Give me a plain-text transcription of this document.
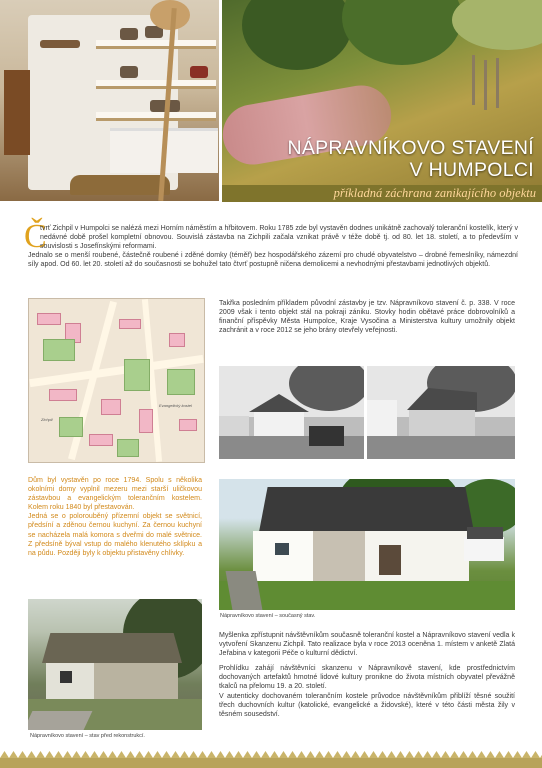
NÁPRAVNÍKOVO STAVENÍ
V HUMPOLCI
příkladná záchrana zanikajícího objektu
Č

tvrť Zichpil v Humpolci se nalézá mezi Horním náměstím a hřbitovem. Roku 1785 zde byl vystavěn dodnes unikátně zachovalý toleranční kostelík, který v nedávné době prošel kompletní obnovou. Souvislá zástavba na Zichpili začala vznikat právě v téže době tj. od 80. let 18. století, a to především v souvislosti s Josefínskými reformami.

Jednalo se o menší roubené, částečně roubené i zděné domky (téměř) bez hospodářského zázemí pro chudé obyvatelstvo – drobné řemeslníky, námezdní síly apod. Od 60. let 20. století až do současnosti se bohužel tato čtvrť postupně ničena demolicemi a nevhodnými přestavbami jednotlivých objektů.

Evangelický kostel
Zichpil
Takřka posledním příkladem původní zástavby je tzv. Nápravníkovo stavení č. p. 338. V roce 2009 však i tento objekt stál na pokraji zániku. Stovky hodin obětavé práce dobrovolníků a finanční příspěvky Města Humpolce, Kraje Vysočina a Ministerstva kultury umožnily objekt zachránit a v roce 2012 se jeho brány otevřely veřejnosti.

Dům byl vystavěn po roce 1794. Spolu s několika okolními domy vyplnil mezeru mezi starší uličkovou zástavbou a evangelickým tolerančním kostelem. Kolem roku 1840 byl přestavován.

Jedná se o polorouběný přízemní objekt se světnicí, předsíní a zděnou černou kuchyní. Za černou kuchyní se nacházela malá komora s dveřmi do malé světnice. Z předsíně býval vstup do malého klenutého sklípku a na půdu. Později byly k objektu přistavěny chlívky.

Nápravníkovo stavení – současný stav.

Myšlenka zpřístupnit návštěvníkům současně toleranční kostel a Nápravníkovo stavení vedla k vytvoření Skanzenu Zichpil. Tato realizace byla v roce 2013 oceněna 1. místem v anketě Zlatá Jeřabina v kategorii Péče o kulturní dědictví.

Prohlídku zahájí návštěvníci skanzenu v Nápravníkově stavení, kde prostřednictvím dochovaných artefaktů hmotné lidové kultury pronikne do života místních obyvatel převážně tkalců na přelomu 19. a 20. století.

V autenticky dochovaném tolerančním kostele průvodce návštěvníkům přiblíží těsné soužití třech duchovních kultur (katolické, evangelické a židovské), které v této části města žily v těsném sousedství.

Nápravníkovo stavení – stav před rekonstrukcí.
